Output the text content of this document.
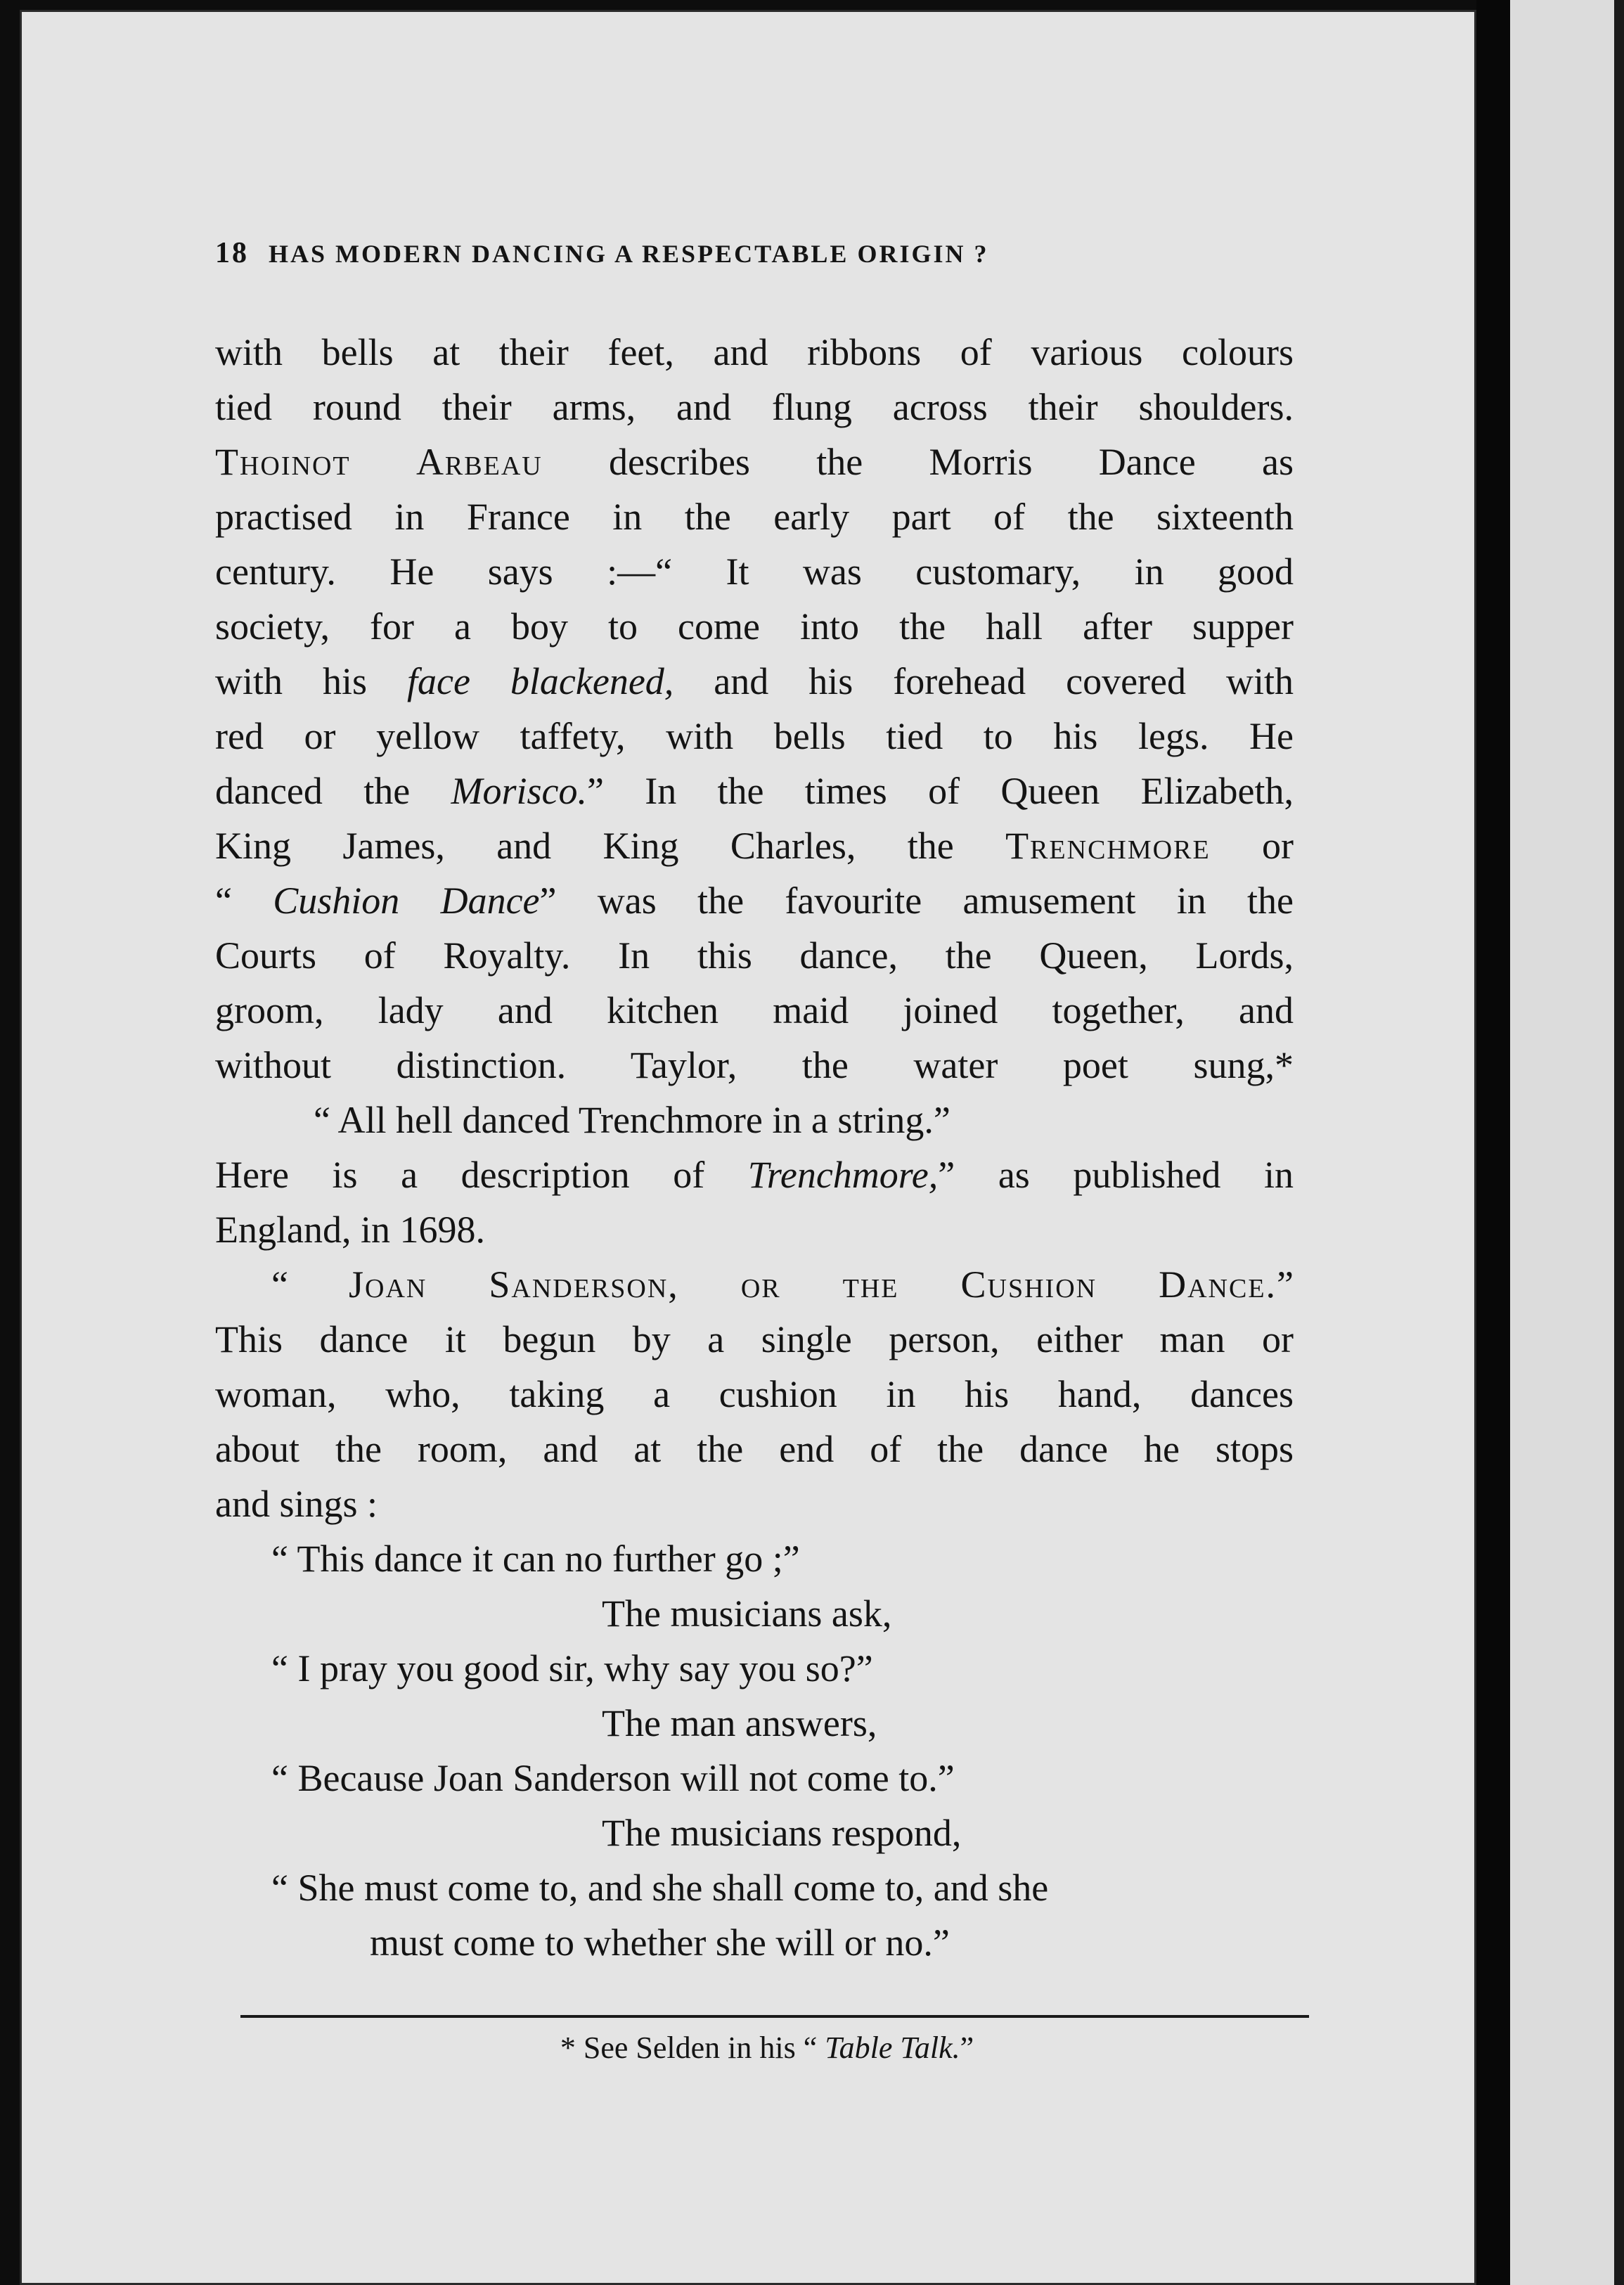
18 HAS MODERN DANCING A RESPECTABLE ORIGIN ?
with bells at their feet, and ribbons of various colours
tied round their arms, and flung across their shoulders.
Thoinot Arbeau describes the Morris Dance as
practised in France in the early part of the sixteenth
century. He says :—“ It was customary, in good
society, for a boy to come into the hall after supper
with his face blackened, and his forehead covered with
red or yellow taffety, with bells tied to his legs. He
danced the Morisco.” In the times of Queen Elizabeth,
King James, and King Charles, the Trenchmore or
“ Cushion Dance” was the favourite amusement in the
Courts of Royalty. In this dance, the Queen, Lords,
groom, lady and kitchen maid joined together, and
without distinction. Taylor, the water poet sung,*
“ All hell danced Trenchmore in a string.”
Here is a description of Trenchmore,” as published in
England, in 1698.
“ Joan Sanderson, or the Cushion Dance.”
This dance it begun by a single person, either man or
woman, who, taking a cushion in his hand, dances
about the room, and at the end of the dance he stops
and sings :
“ This dance it can no further go ;”
The musicians ask,
“ I pray you good sir, why say you so?”
The man answers,
“ Because Joan Sanderson will not come to.”
The musicians respond,
“ She must come to, and she shall come to, and she
must come to whether she will or no.”
* See Selden in his “ Table Talk.”
